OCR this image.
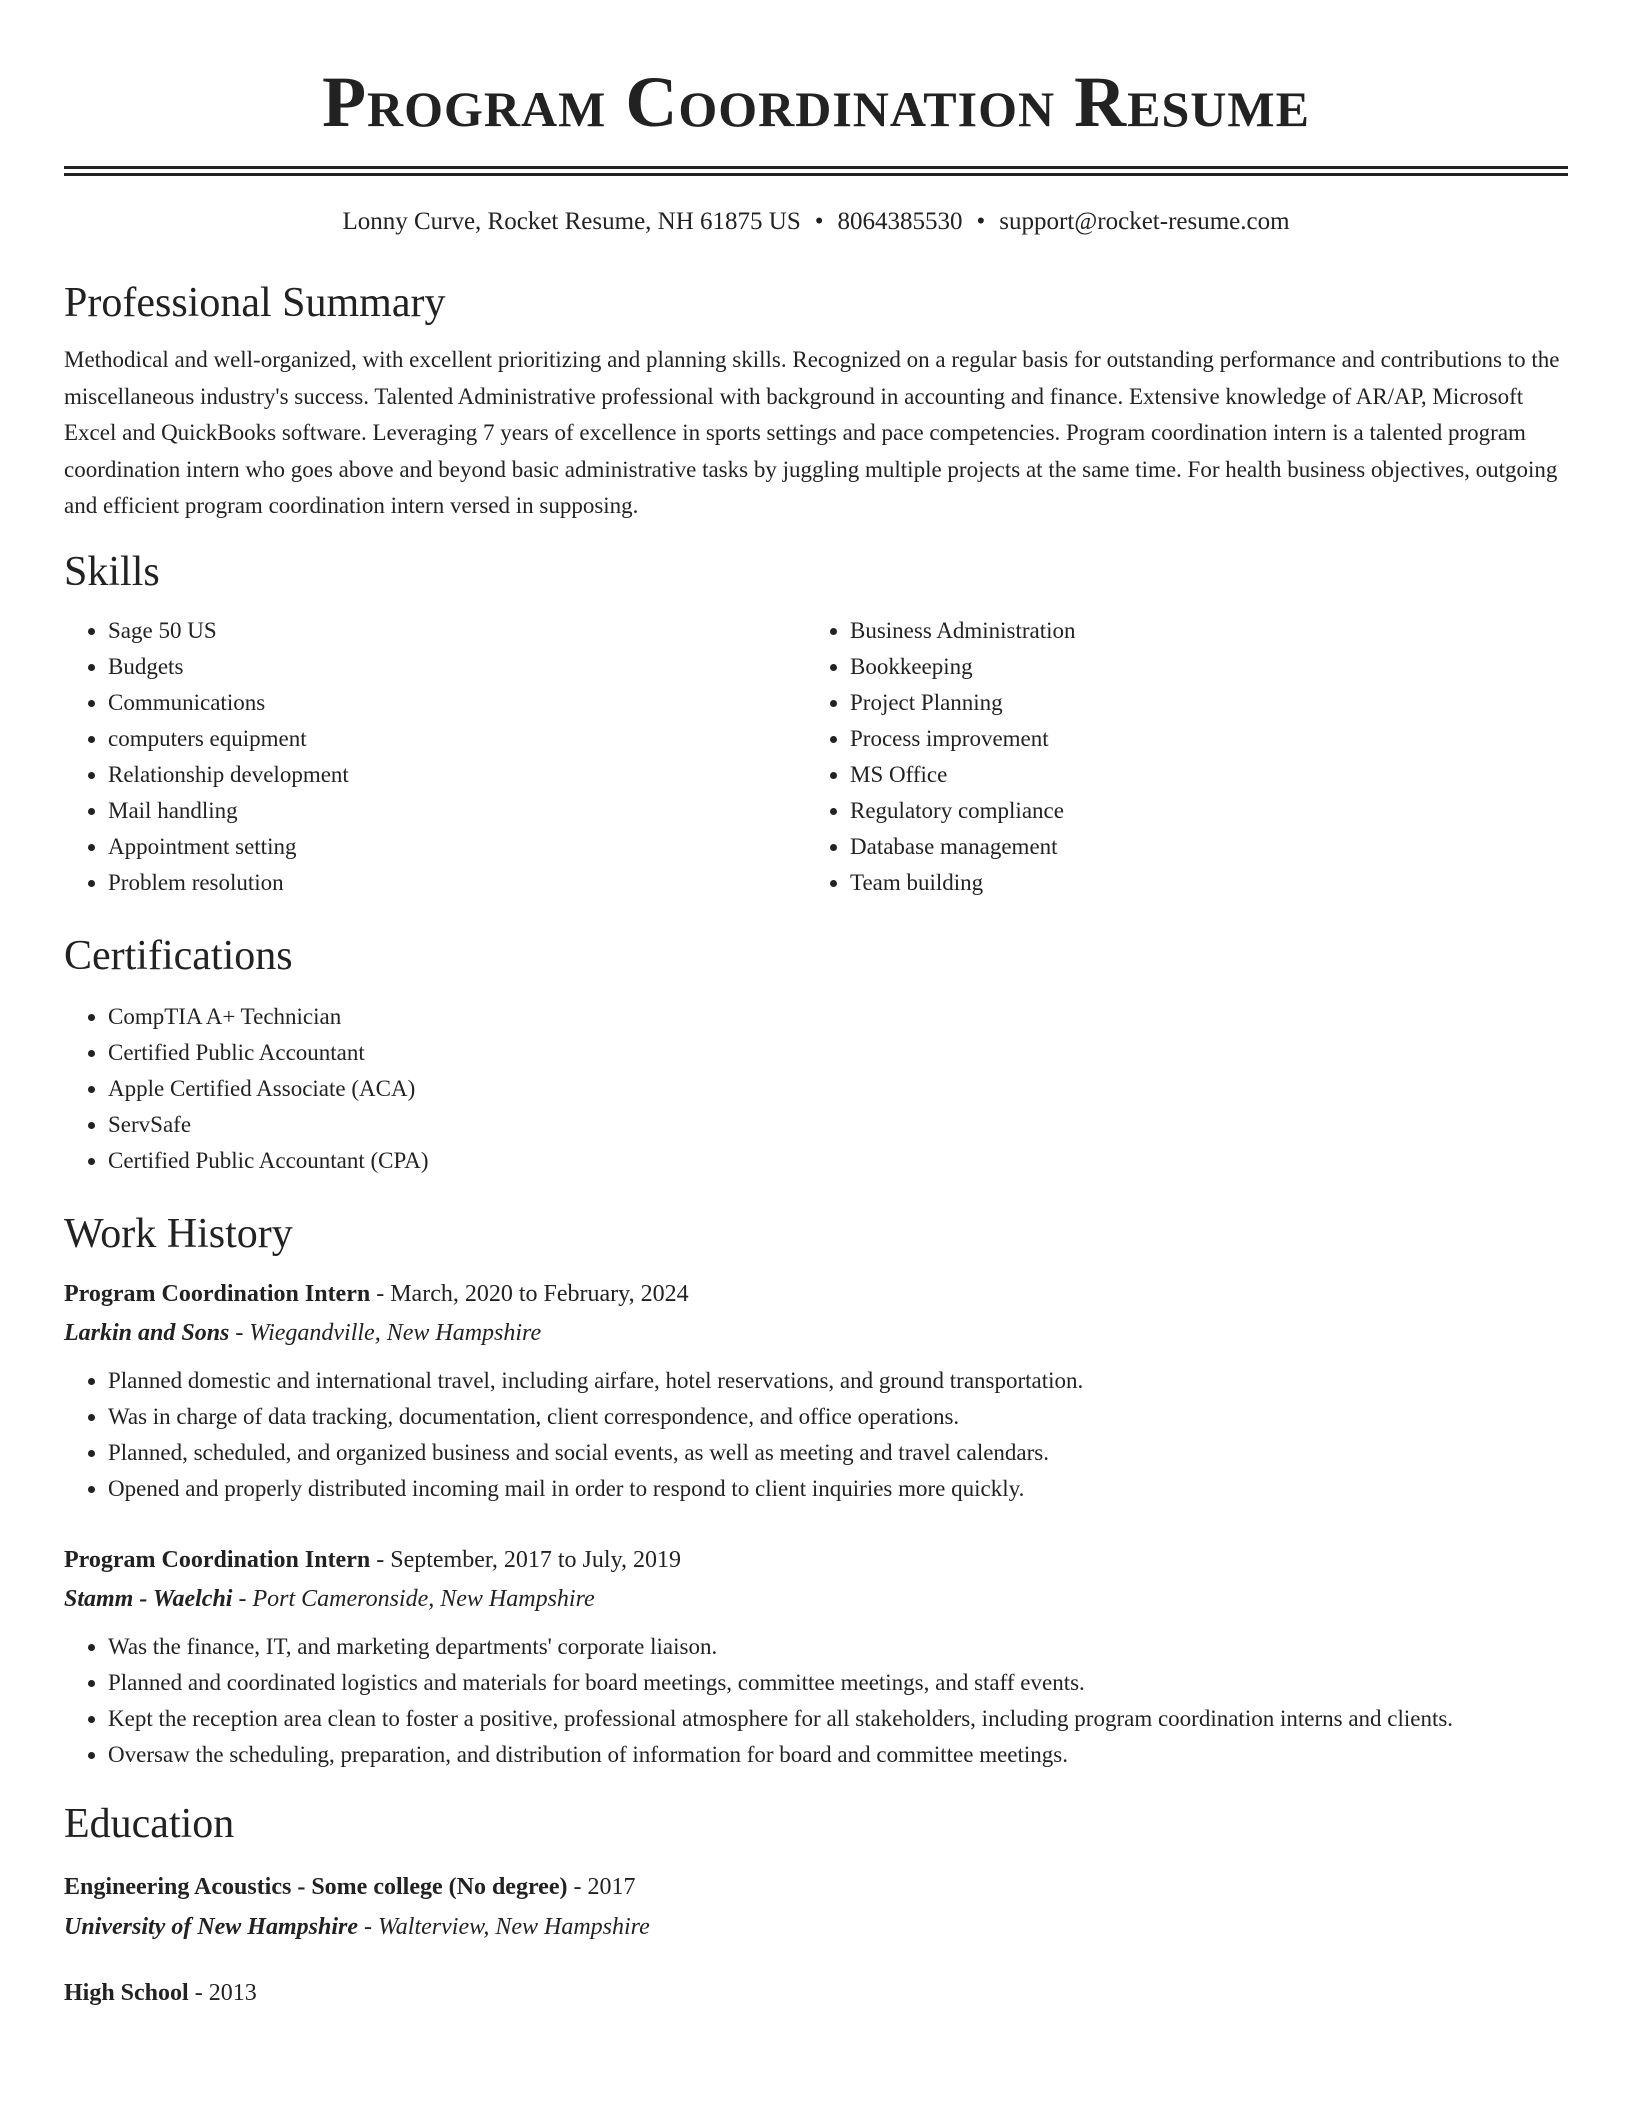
Program Coordination Resume
Lonny Curve, Rocket Resume, NH 61875 US • 8064385530 • support@rocket-resume.com
Professional Summary

Methodical and well-organized, with excellent prioritizing and planning skills. Recognized on a regular basis for outstanding performance and contributions to the miscellaneous industry's success. Talented Administrative professional with background in accounting and finance. Extensive knowledge of AR/AP, Microsoft Excel and QuickBooks software. Leveraging 7 years of excellence in sports settings and pace competencies. Program coordination intern is a talented program coordination intern who goes above and beyond basic administrative tasks by juggling multiple projects at the same time. For health business objectives, outgoing and efficient program coordination intern versed in supposing.

Skills
• Sage 50 US
• Budgets
• Communications
• computers equipment
• Relationship development
• Mail handling
• Appointment setting
• Problem resolution
• Business Administration
• Bookkeeping
• Project Planning
• Process improvement
• MS Office
• Regulatory compliance
• Database management
• Team building
Certifications
• CompTIA A+ Technician
• Certified Public Accountant
• Apple Certified Associate (ACA)
• ServSafe
• Certified Public Accountant (CPA)
Work History
Program Coordination Intern - March, 2020 to February, 2024
Larkin and Sons - Wiegandville, New Hampshire
• Planned domestic and international travel, including airfare, hotel reservations, and ground transportation.
• Was in charge of data tracking, documentation, client correspondence, and office operations.
• Planned, scheduled, and organized business and social events, as well as meeting and travel calendars.
• Opened and properly distributed incoming mail in order to respond to client inquiries more quickly.
Program Coordination Intern - September, 2017 to July, 2019
Stamm - Waelchi - Port Cameronside, New Hampshire
• Was the finance, IT, and marketing departments' corporate liaison.
• Planned and coordinated logistics and materials for board meetings, committee meetings, and staff events.
• Kept the reception area clean to foster a positive, professional atmosphere for all stakeholders, including program coordination interns and clients.
• Oversaw the scheduling, preparation, and distribution of information for board and committee meetings.
Education
Engineering Acoustics - Some college (No degree) - 2017
University of New Hampshire - Walterview, New Hampshire
High School - 2013
